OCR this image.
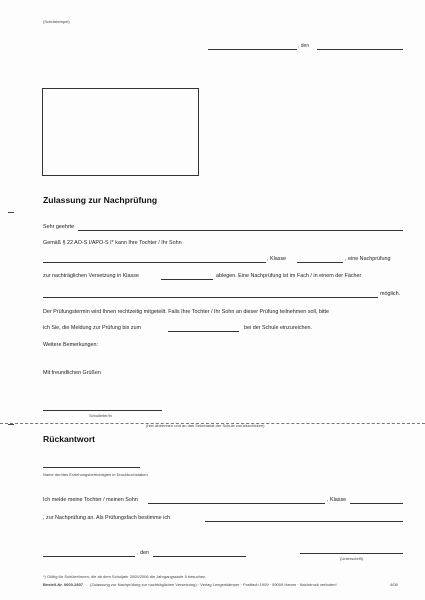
(Schulstempel)
, den
Zulassung zur Nachprüfung
Sehr geehrte
Gemäß § 22 AO-S I/APO-S I* kann Ihre Tochter / Ihr Sohn
, Klasse	, eine Nachprüfung
zur nachträglichen Versetzung in Klasse	ablegen. Eine Nachprüfung ist im Fach / in einem der Fächer
möglich.
Der Prüfungstermin wird Ihnen rechtzeitig mitgeteilt. Falls Ihre Tochter / Ihr Sohn an dieser Prüfung teilnehmen soll, bitte
ich Sie, die Meldung zur Prüfung bis zum	bei der Schule einzureichen.
Weitere Bemerkungen:
Mit freundlichen Grüßen
Schulleiter/in
(hier abtrennen und an das Sekretariat der Schule zurückschicken)
Rückantwort
Name der/des Erziehungsberechtigten in Druckbuchstaben
Ich melde meine Tochter / meinen Sohn	, Klasse
, zur Nachprüfung an. Als Prüfungsfach bestimme ich
, den
(Unterschrift)
*) Gültig für Schüler/innen, die ab dem Schuljahr 2005/2006 die Jahrgangsstufe 5 besuchen.
Bestell-Nr. 0600-2807 (Zulassung zur Nachprüfung zur nachträglichen Versetzung) · Verlag Lengenkämper · Postfach 1909 · 59009 Hamm · Nachdruck verboten!	4/08
